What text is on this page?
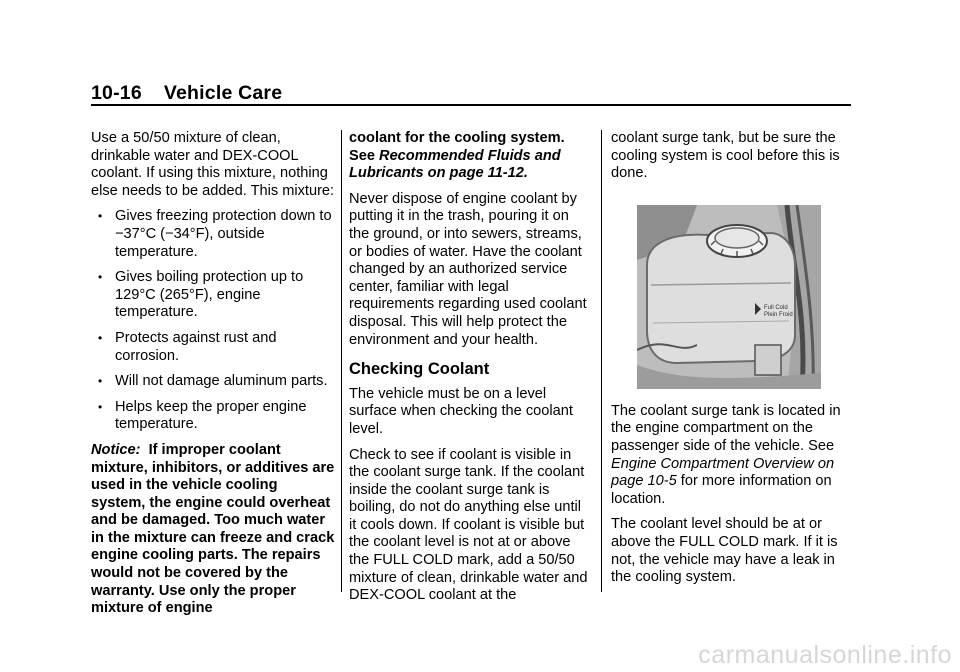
10-16 Vehicle Care

Use a 50/50 mixture of clean, drinkable water and DEX-COOL coolant. If using this mixture, nothing else needs to be added. This mixture:

• Gives freezing protection down to −37°C (−34°F), outside temperature.
• Gives boiling protection up to 129°C (265°F), engine temperature.
• Protects against rust and corrosion.
• Will not damage aluminum parts.
• Helps keep the proper engine temperature.

Notice: If improper coolant mixture, inhibitors, or additives are used in the vehicle cooling system, the engine could overheat and be damaged. Too much water in the mixture can freeze and crack engine cooling parts. The repairs would not be covered by the warranty. Use only the proper mixture of engine

coolant for the cooling system. See Recommended Fluids and Lubricants on page 11-12.

Never dispose of engine coolant by putting it in the trash, pouring it on the ground, or into sewers, streams, or bodies of water. Have the coolant changed by an authorized service center, familiar with legal requirements regarding used coolant disposal. This will help protect the environment and your health.

Checking Coolant

The vehicle must be on a level surface when checking the coolant level.

Check to see if coolant is visible in the coolant surge tank. If the coolant inside the coolant surge tank is boiling, do not do anything else until it cools down. If coolant is visible but the coolant level is not at or above the FULL COLD mark, add a 50/50 mixture of clean, drinkable water and DEX-COOL coolant at the

coolant surge tank, but be sure the cooling system is cool before this is done.

Full Cold
Plein Froid

The coolant surge tank is located in the engine compartment on the passenger side of the vehicle. See Engine Compartment Overview on page 10-5 for more information on location.

The coolant level should be at or above the FULL COLD mark. If it is not, the vehicle may have a leak in the cooling system.

carmanualsonline.info
